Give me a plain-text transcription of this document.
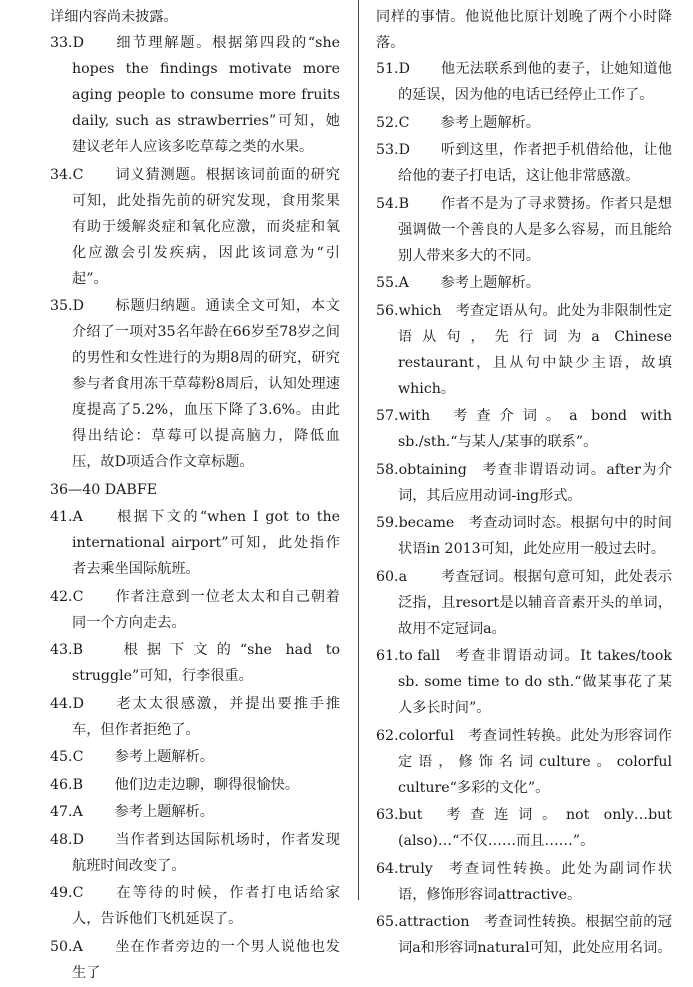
详细内容尚未披露。

33.D 细节理解题。根据第四段的“she hopes the findings motivate more aging people to consume more fruits daily, such as strawberries”可知，她建议老年人应该多吃草莓之类的水果。

34.C 词义猜测题。根据该词前面的研究可知，此处指先前的研究发现，食用浆果有助于缓解炎症和氧化应激，而炎症和氧化应激会引发疾病，因此该词意为“引起”。

35.D 标题归纳题。通读全文可知，本文介绍了一项对35名年龄在66岁至78岁之间的男性和女性进行的为期8周的研究，研究参与者食用冻干草莓粉8周后，认知处理速度提高了5.2%，血压下降了3.6%。由此得出结论：草莓可以提高脑力，降低血压，故D项适合作文章标题。

36—40 DABFE

41.A 根据下文的“when I got to the international airport”可知，此处指作者去乘坐国际航班。

42.C 作者注意到一位老太太和自己朝着同一个方向走去。

43.B 根据下文的“she had to struggle”可知，行李很重。

44.D 老太太很感激，并提出要推手推车，但作者拒绝了。

45.C 参考上题解析。

46.B 他们边走边聊，聊得很愉快。

47.A 参考上题解析。

48.D 当作者到达国际机场时，作者发现航班时间改变了。

49.C 在等待的时候，作者打电话给家人，告诉他们飞机延误了。

50.A 坐在作者旁边的一个男人说他也发生了

同样的事情。他说他比原计划晚了两个小时降落。

51.D 他无法联系到他的妻子，让她知道他的延误，因为他的电话已经停止工作了。

52.C 参考上题解析。

53.D 听到这里，作者把手机借给他，让他给他的妻子打电话，这让他非常感激。

54.B 作者不是为了寻求赞扬。作者只是想强调做一个善良的人是多么容易，而且能给别人带来多大的不同。

55.A 参考上题解析。

56.which 考查定语从句。此处为非限制性定语从句，先行词为a Chinese restaurant，且从句中缺少主语，故填which。

57.with 考查介词。a bond with sb./sth.“与某人/某事的联系”。

58.obtaining 考查非谓语动词。after为介词，其后应用动词-ing形式。

59.became 考查动词时态。根据句中的时间状语in 2013可知，此处应用一般过去时。

60.a 考查冠词。根据句意可知，此处表示泛指，且resort是以辅音音素开头的单词，故用不定冠词a。

61.to fall 考查非谓语动词。It takes/took sb. some time to do sth.“做某事花了某人多长时间”。

62.colorful 考查词性转换。此处为形容词作定语，修饰名词culture。colorful culture“多彩的文化”。

63.but 考查连词。not only…but (also)…“不仅……而且……”。

64.truly 考查词性转换。此处为副词作状语，修饰形容词attractive。

65.attraction 考查词性转换。根据空前的冠词a和形容词natural可知，此处应用名词。
